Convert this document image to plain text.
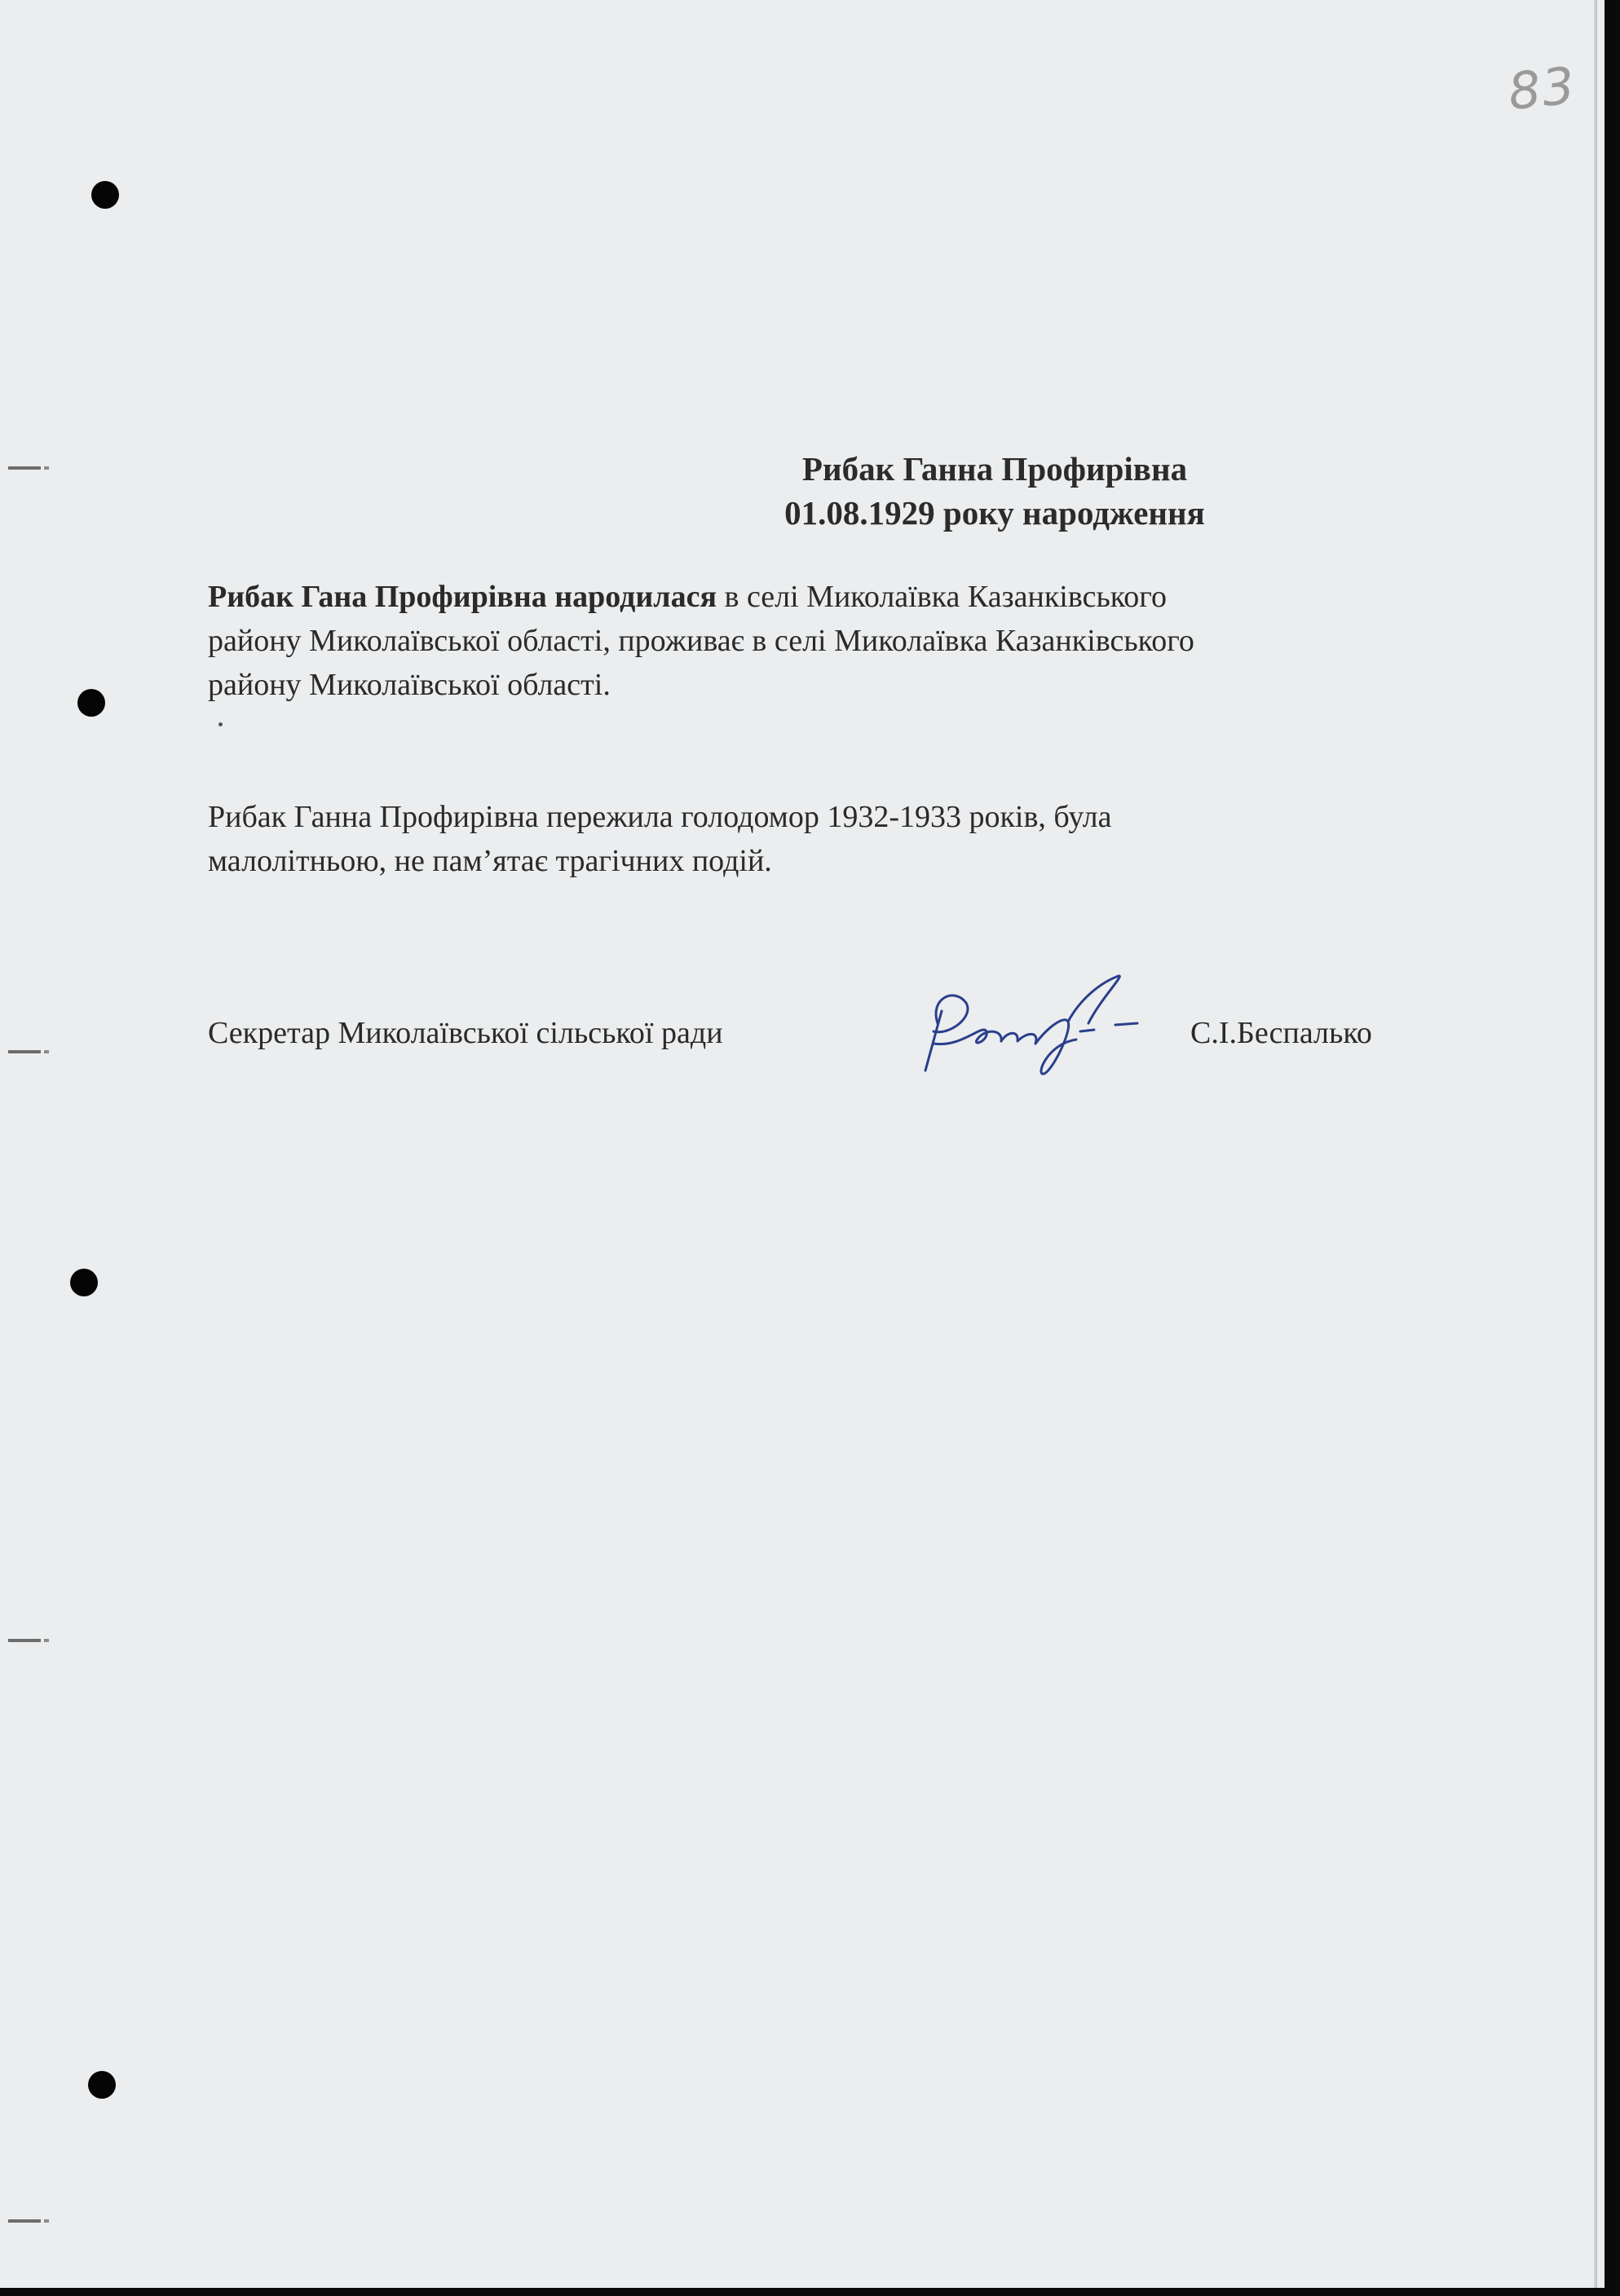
83
Рибак Ганна Профирівна
01.08.1929 року народження
Рибак Гана Профирівна народилася в селі Миколаївка Казанківського
району Миколаївської області, проживає в селі Миколаївка Казанківського
району Миколаївської області.
Рибак Ганна Профирівна пережила голодомор 1932-1933 років, була
малолітньою, не пам’ятає трагічних подій.
Секретар Миколаївської сільської ради	С.І.Беспалько
